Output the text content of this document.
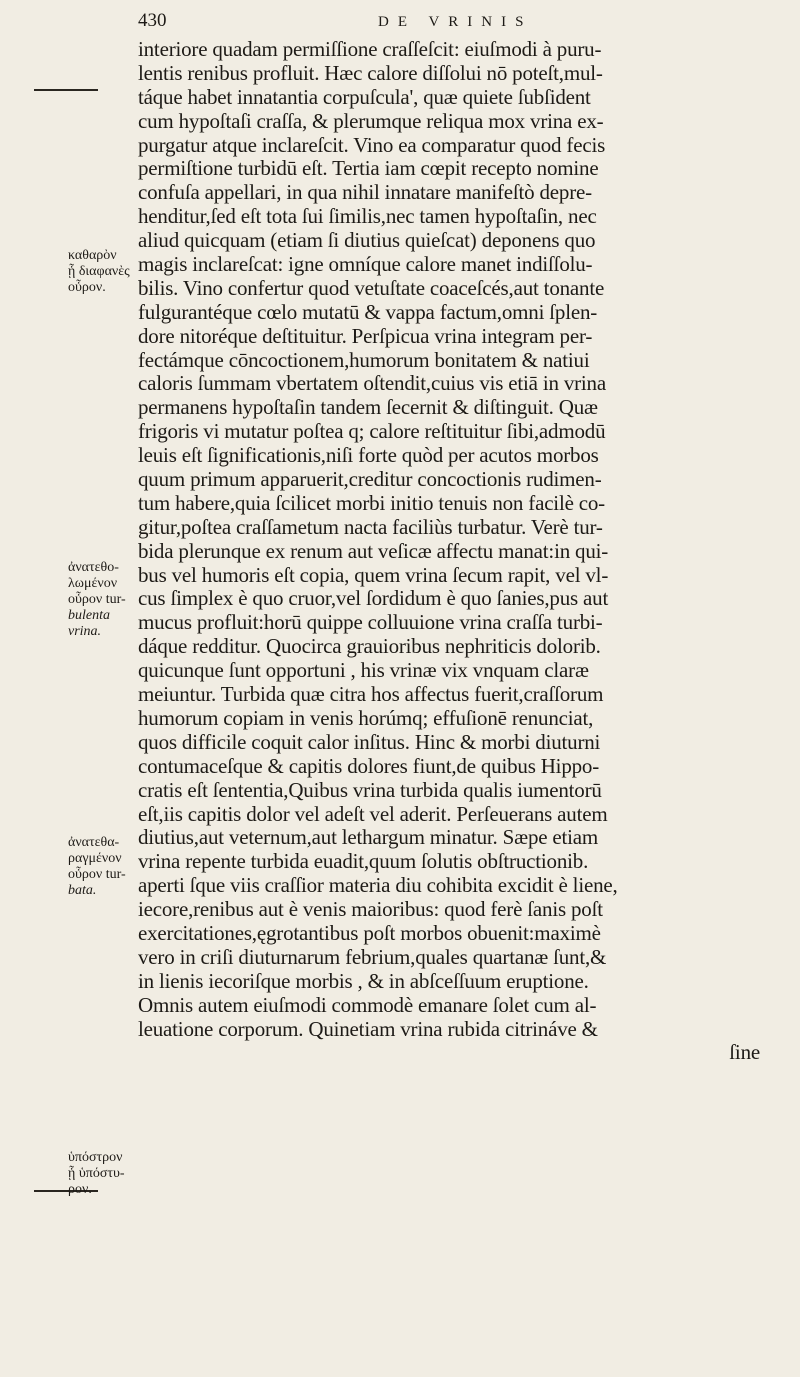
430	DE VRINIS
καθαρὸν
ᾗ διαφανὲς
οὖρον.
ἀνατεθο-
λωμένον
οὖρον tur-
bulenta
vrina.
ἀνατεθα-
ραγμένον
οὖρον tur-
bata.
ὑπόστρον
ᾗ ὑπόστυ-
ρον.
interiore quadam permiſſione craſſeſcit: eiuſmodi à puru-
lentis renibus profluit. Hæc calore diſſolui nō poteſt,mul-
táque habet innatantia corpuſcula', quæ quiete ſubſident
cum hypoſtaſi craſſa, & plerumque reliqua mox vrina ex-
purgatur atque inclareſcit. Vino ea comparatur quod fecis
permiſtione turbidū eſt. Tertia iam cœpit recepto nomine
confuſa appellari, in qua nihil innatare manifeſtò depre-
henditur,ſed eſt tota ſui ſimilis,nec tamen hypoſtaſin, nec
aliud quicquam (etiam ſi diutius quieſcat) deponens quo
magis inclareſcat: igne omníque calore manet indiſſolu-
bilis. Vino confertur quod vetuſtate coaceſcés,aut tonante
fulgurantéque cœlo mutatū & vappa factum,omni ſplen-
dore nitoréque deſtituitur. Perſpicua vrina integram per-
fectámque cōncoctionem,humorum bonitatem & natiui
caloris ſummam vbertatem oſtendit,cuius vis etiā in vrina
permanens hypoſtaſin tandem ſecernit & diſtinguit. Quæ
frigoris vi mutatur poſtea q; calore reſtituitur ſibi,admodū
leuis eſt ſignificationis,niſi forte quòd per acutos morbos
quum primum apparuerit,creditur concoctionis rudimen-
tum habere,quia ſcilicet morbi initio tenuis non facilè co-
gitur,poſtea craſſametum nacta faciliùs turbatur. Verè tur-
bida plerunque ex renum aut veſicæ affectu manat:in qui-
bus vel humoris eſt copia, quem vrina ſecum rapit, vel vl-
cus ſimplex è quo cruor,vel ſordidum è quo ſanies,pus aut
mucus profluit:horū quippe colluuione vrina craſſa turbi-
dáque redditur. Quocirca grauioribus nephriticis dolorib.
quicunque ſunt opportuni , his vrinæ vix vnquam claræ
meiuntur. Turbida quæ citra hos affectus fuerit,craſſorum
humorum copiam in venis horúmq; effuſionē renunciat,
quos difficile coquit calor inſitus. Hinc & morbi diuturni
contumaceſque & capitis dolores fiunt,de quibus Hippo-
cratis eſt ſententia,Quibus vrina turbida qualis iumentorū
eſt,iis capitis dolor vel adeſt vel aderit. Perſeuerans autem
diutius,aut veternum,aut lethargum minatur. Sæpe etiam
vrina repente turbida euadit,quum ſolutis obſtructionib.
aperti ſque viis craſſior materia diu cohibita excidit è liene,
iecore,renibus aut è venis maioribus: quod ferè ſanis poſt
exercitationes,ęgrotantibus poſt morbos obuenit:maximè
vero in criſi diuturnarum febrium,quales quartanæ ſunt,&
in lienis iecoriſque morbis , & in abſceſſuum eruptione.
Omnis autem eiuſmodi commodè emanare ſolet cum al-
leuatione corporum. Quinetiam vrina rubida citrináve &
ſine
